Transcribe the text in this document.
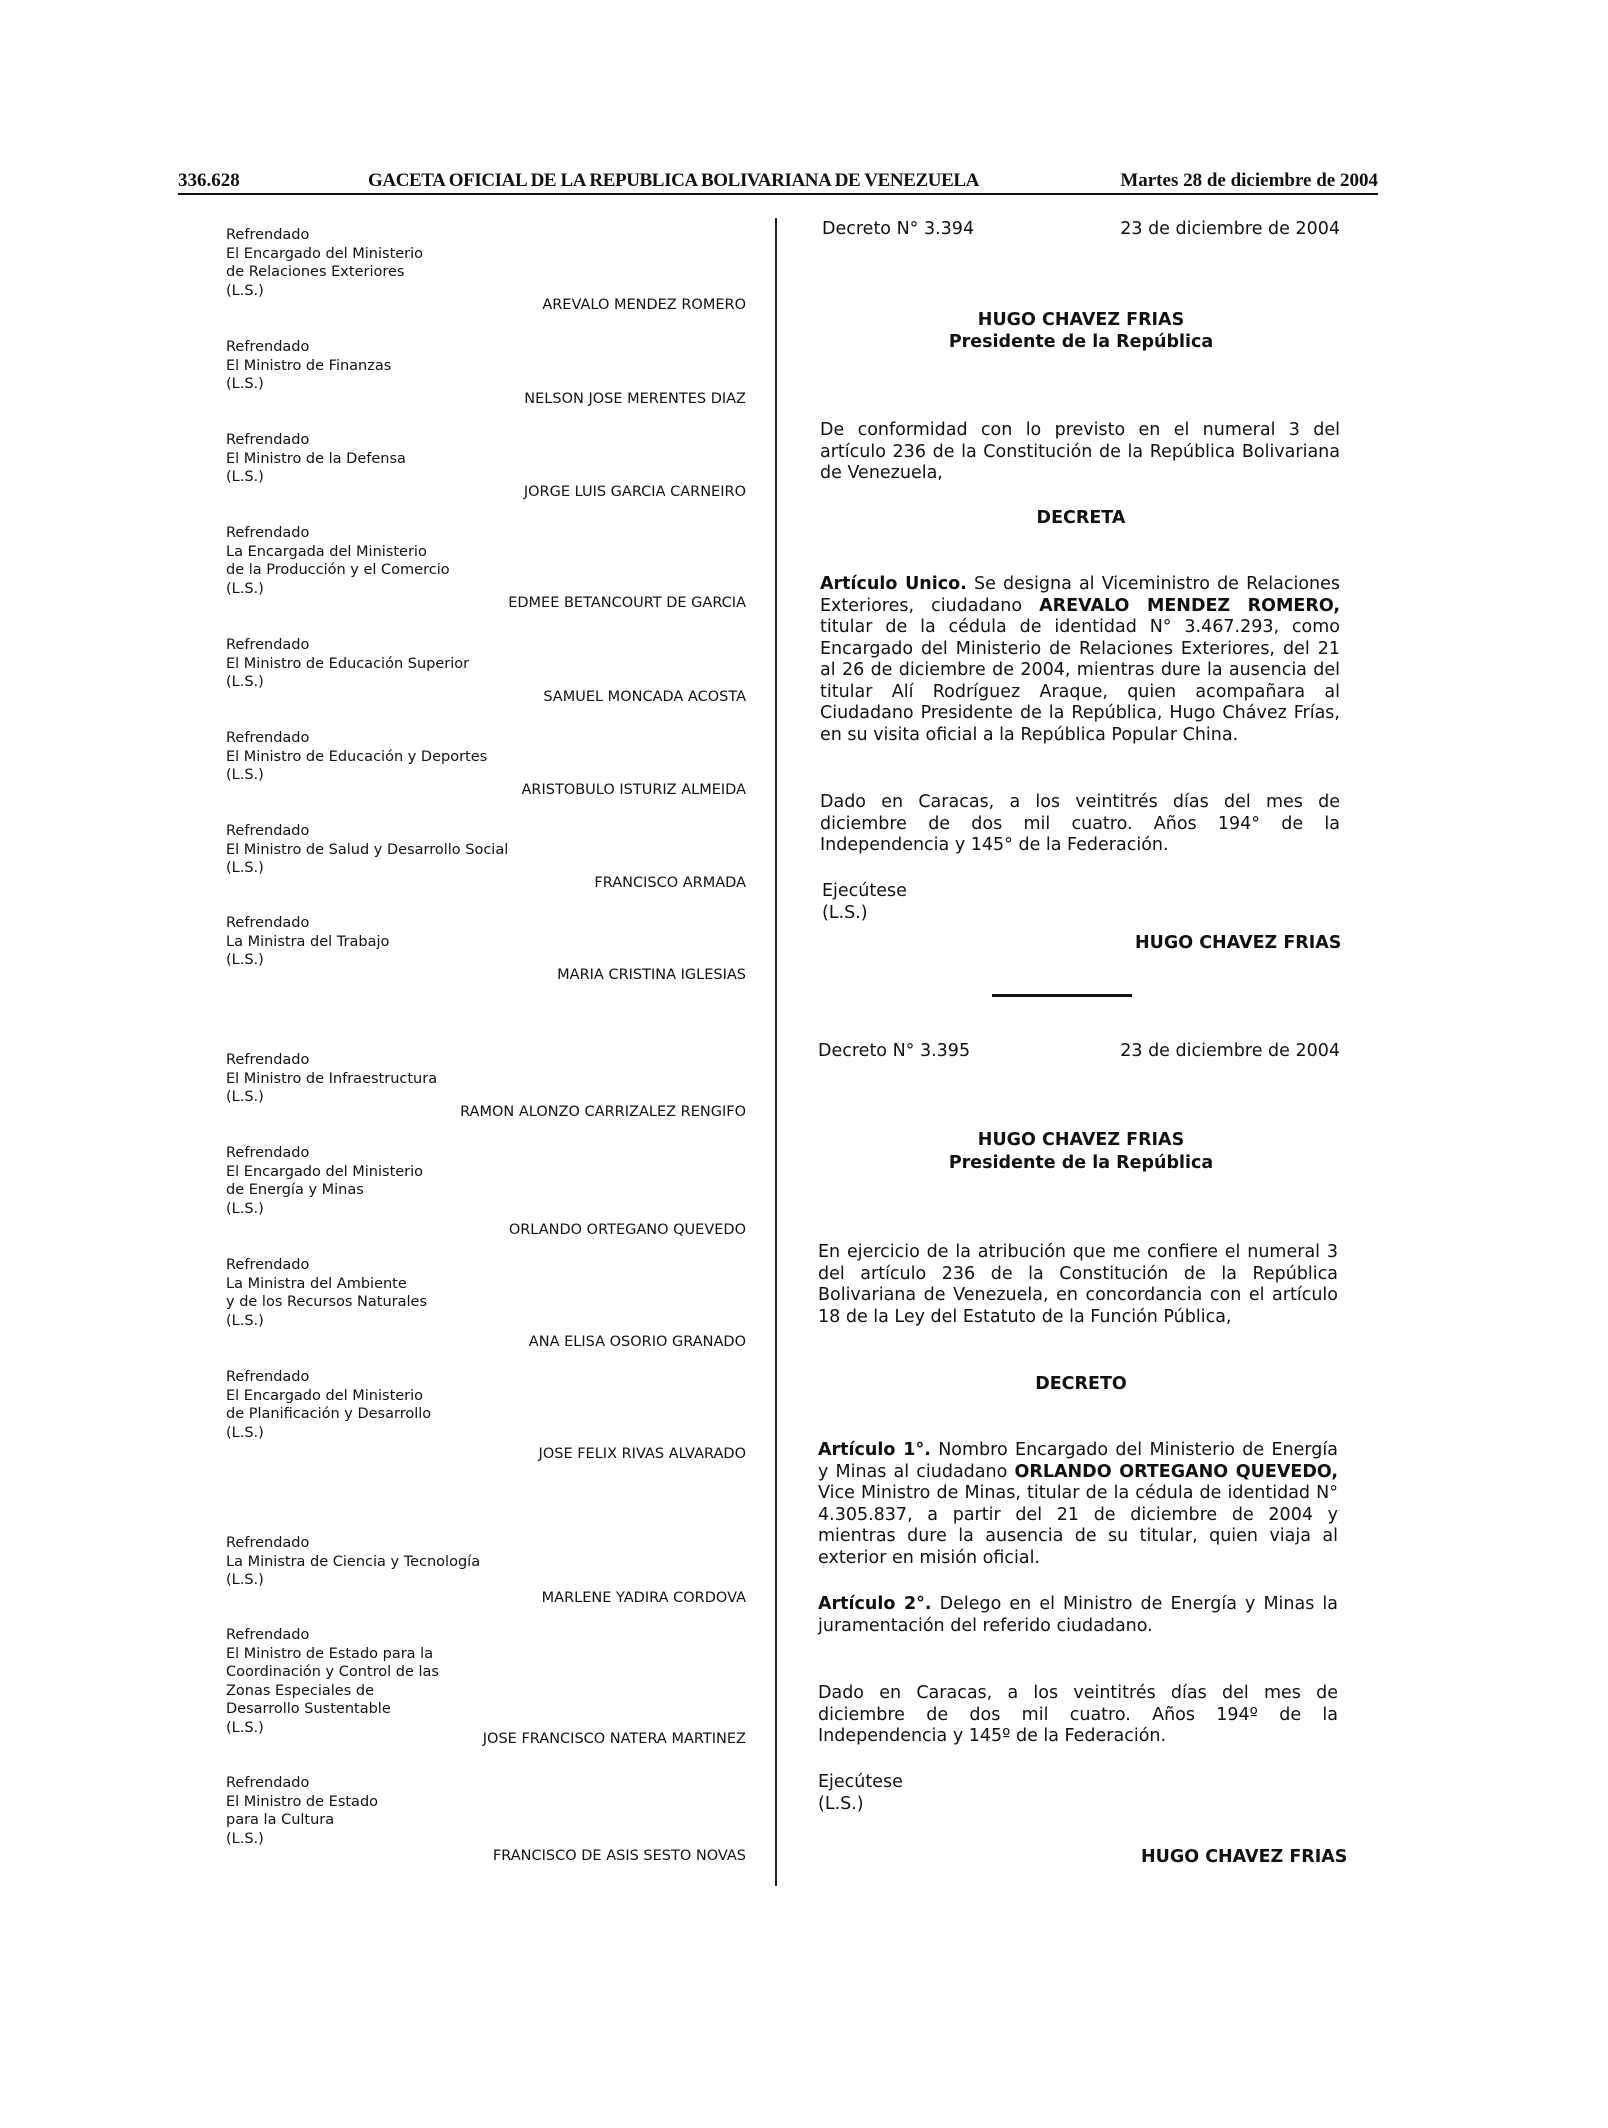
336.628	GACETA OFICIAL DE LA REPUBLICA BOLIVARIANA DE VENEZUELA	Martes 28 de diciembre de 2004
Refrendado
El Encargado del Ministerio
de Relaciones Exteriores
(L.S.)
AREVALO MENDEZ ROMERO
Refrendado
El Ministro de Finanzas
(L.S.)
NELSON JOSE MERENTES DIAZ
Refrendado
El Ministro de la Defensa
(L.S.)
JORGE LUIS GARCIA CARNEIRO
Refrendado
La Encargada del Ministerio
de la Producción y el Comercio
(L.S.)
EDMEE BETANCOURT DE GARCIA
Refrendado
El Ministro de Educación Superior
(L.S.)
SAMUEL MONCADA ACOSTA
Refrendado
El Ministro de Educación y Deportes
(L.S.)
ARISTOBULO ISTURIZ ALMEIDA
Refrendado
El Ministro de Salud y Desarrollo Social
(L.S.)
FRANCISCO ARMADA
Refrendado
La Ministra del Trabajo
(L.S.)
MARIA CRISTINA IGLESIAS
Refrendado
El Ministro de Infraestructura
(L.S.)
RAMON ALONZO CARRIZALEZ RENGIFO
Refrendado
El Encargado del Ministerio
de Energía y Minas
(L.S.)
ORLANDO ORTEGANO QUEVEDO
Refrendado
La Ministra del Ambiente
y de los Recursos Naturales
(L.S.)
ANA ELISA OSORIO GRANADO
Refrendado
El Encargado del Ministerio
de Planificación y Desarrollo
(L.S.)
JOSE FELIX RIVAS ALVARADO
Refrendado
La Ministra de Ciencia y Tecnología
(L.S.)
MARLENE YADIRA CORDOVA
Refrendado
El Ministro de Estado para la
Coordinación y Control de las
Zonas Especiales de
Desarrollo Sustentable
(L.S.)
JOSE FRANCISCO NATERA MARTINEZ
Refrendado
El Ministro de Estado
para la Cultura
(L.S.)
FRANCISCO DE ASIS SESTO NOVAS
Decreto N° 3.394	23 de diciembre de 2004
HUGO CHAVEZ FRIAS
Presidente de la República
De conformidad con lo previsto en el numeral 3 del artículo 236 de la Constitución de la República Bolivariana de Venezuela,
DECRETA
Artículo Unico. Se designa al Viceministro de Relaciones Exteriores, ciudadano AREVALO MENDEZ ROMERO, titular de la cédula de identidad N° 3.467.293, como Encargado del Ministerio de Relaciones Exteriores, del 21 al 26 de diciembre de 2004, mientras dure la ausencia del titular Alí Rodríguez Araque, quien acompañara al Ciudadano Presidente de la República, Hugo Chávez Frías, en su visita oficial a la República Popular China.
Dado en Caracas, a los veintitrés días del mes de diciembre de dos mil cuatro. Años 194° de la Independencia y 145° de la Federación.
Ejecútese
(L.S.)
HUGO CHAVEZ FRIAS
Decreto N° 3.395	23 de diciembre de 2004
HUGO CHAVEZ FRIAS
Presidente de la República
En ejercicio de la atribución que me confiere el numeral 3 del artículo 236 de la Constitución de la República Bolivariana de Venezuela, en concordancia con el artículo 18 de la Ley del Estatuto de la Función Pública,
DECRETO
Artículo 1°. Nombro Encargado del Ministerio de Energía y Minas al ciudadano ORLANDO ORTEGANO QUEVEDO, Vice Ministro de Minas, titular de la cédula de identidad N° 4.305.837, a partir del 21 de diciembre de 2004 y mientras dure la ausencia de su titular, quien viaja al exterior en misión oficial.
Artículo 2°. Delego en el Ministro de Energía y Minas la juramentación del referido ciudadano.
Dado en Caracas, a los veintitrés días del mes de diciembre de dos mil cuatro. Años 194º de la Independencia y 145º de la Federación.
Ejecútese
(L.S.)
HUGO CHAVEZ FRIAS
